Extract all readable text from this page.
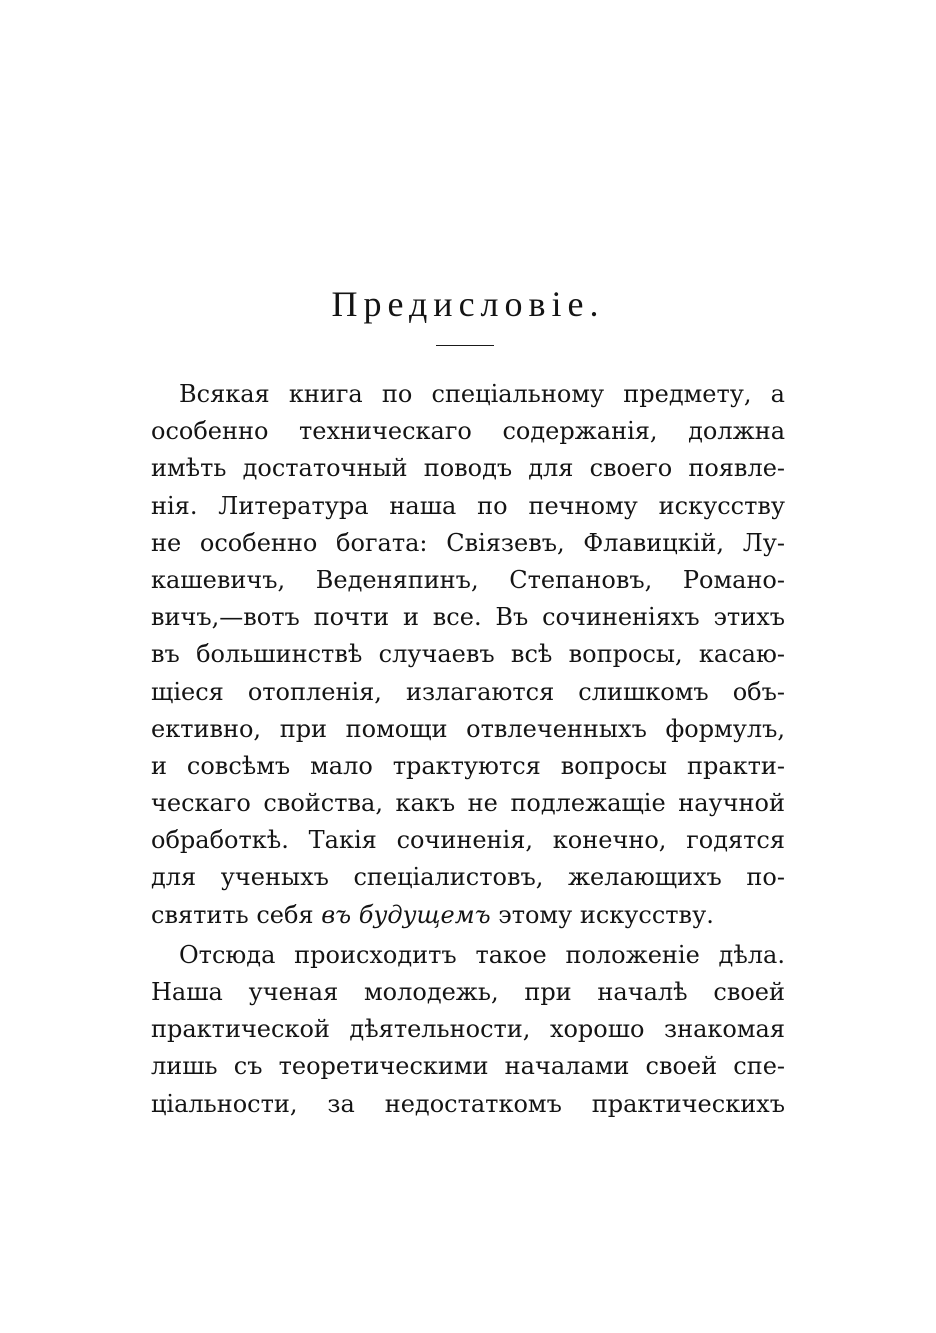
Предисловіе.
Всякая книга по спеціальному предмету, а
особенно техническаго содержанія, должна
имѣть достаточный поводъ для своего появле-
нія. Литература наша по печному искусству
не особенно богата: Свіязевъ, Флавицкій, Лу-
кашевичъ, Веденяпинъ, Степановъ, Романо-
вичъ,—вотъ почти и все. Въ сочиненіяхъ этихъ
въ большинствѣ случаевъ всѣ вопросы, касаю-
щіеся отопленія, излагаются слишкомъ объ-
ективно, при помощи отвлеченныхъ формулъ,
и совсѣмъ мало трактуются вопросы практи-
ческаго свойства, какъ не подлежащіе научной
обработкѣ. Такія сочиненія, конечно, годятся
для ученыхъ спеціалистовъ, желающихъ по-
святить себя въ будущемъ этому искусству.
Отсюда происходитъ такое положеніе дѣла.
Наша ученая молодежь, при началѣ своей
практической дѣятельности, хорошо знакомая
лишь съ теоретическими началами своей спе-
ціальности, за недостаткомъ практическихъ
